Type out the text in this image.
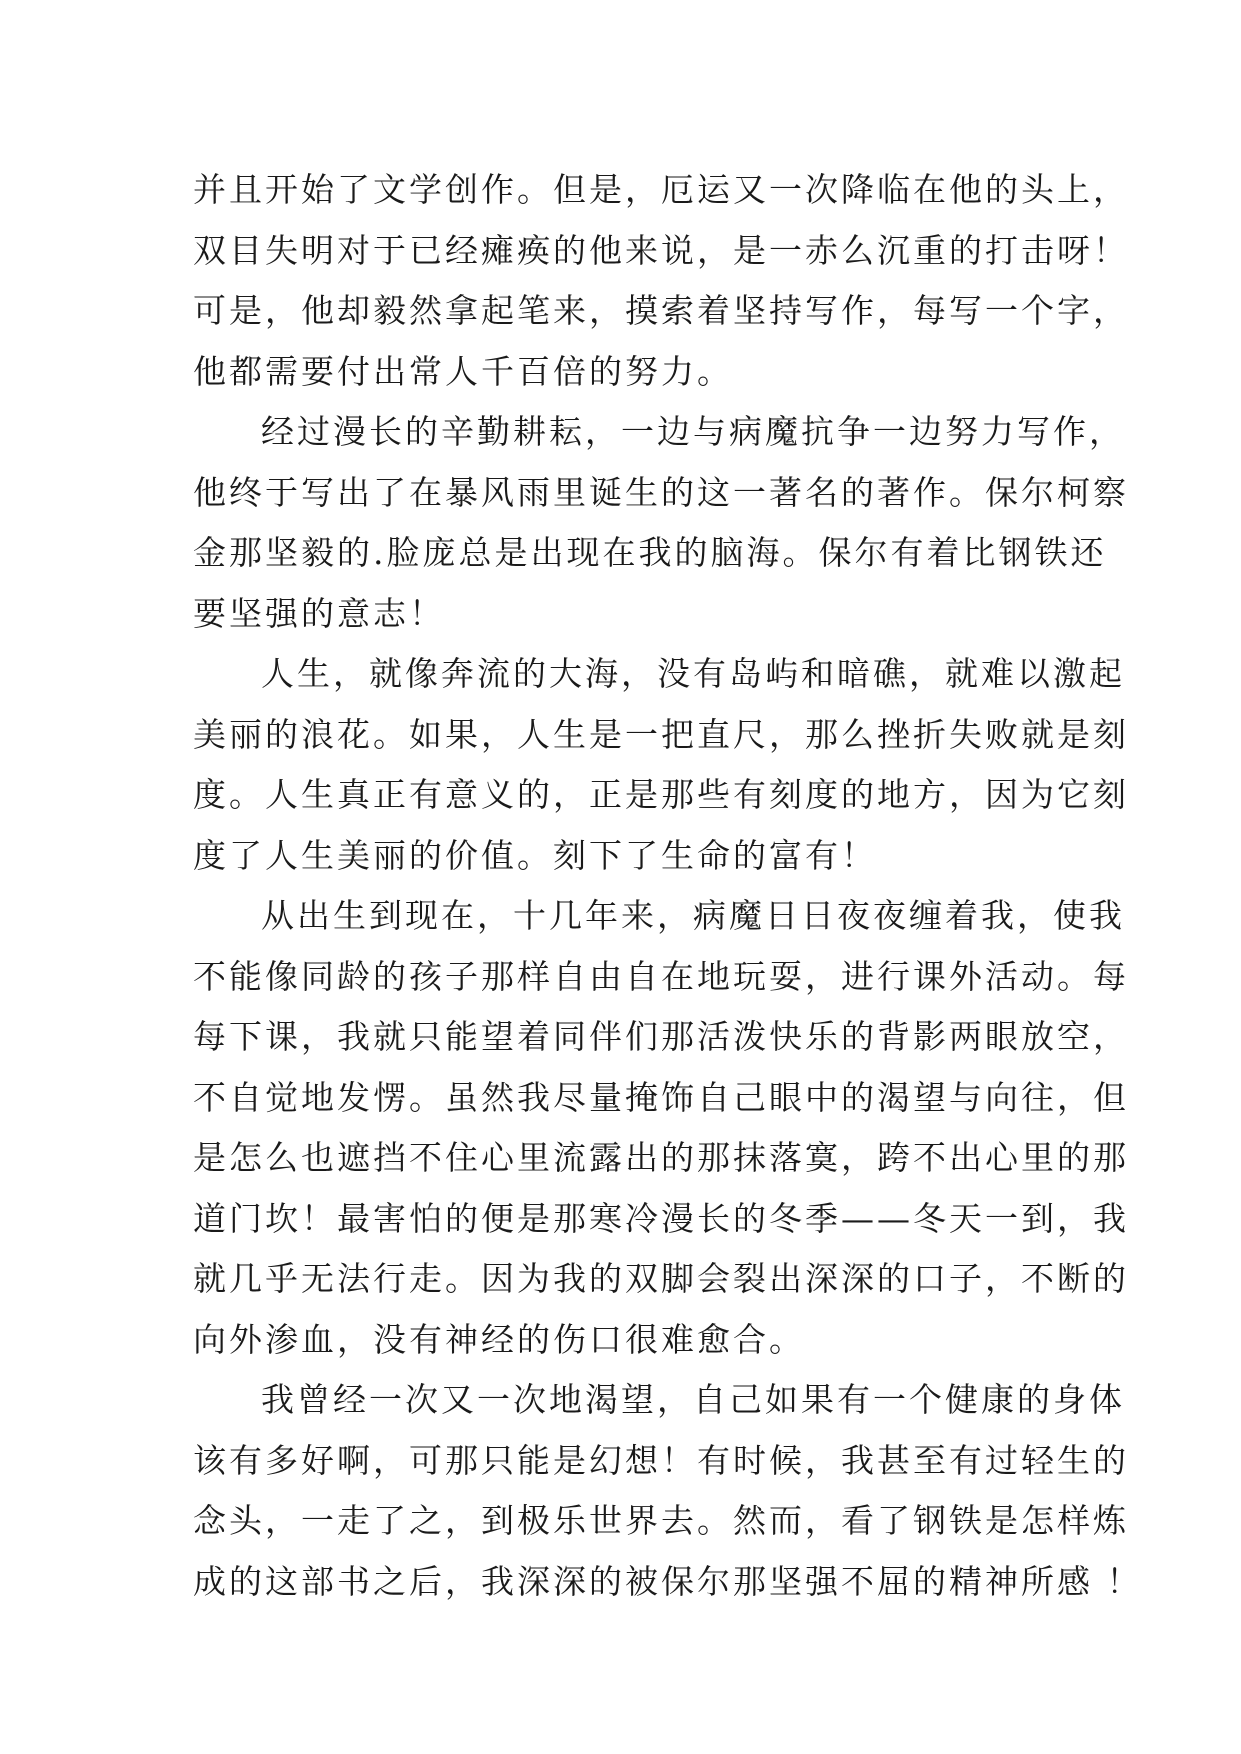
并且开始了文学创作。但是，厄运又一次降临在他的头上，
双目失明对于已经瘫痪的他来说，是一赤么沉重的打击呀！
可是，他却毅然拿起笔来，摸索着坚持写作，每写一个字，
他都需要付出常人千百倍的努力。
经过漫长的辛勤耕耘，一边与病魔抗争一边努力写作，
他终于写出了在暴风雨里诞生的这一著名的著作。保尔柯察
金那坚毅的.脸庞总是出现在我的脑海。保尔有着比钢铁还
要坚强的意志！
人生，就像奔流的大海，没有岛屿和暗礁，就难以激起
美丽的浪花。如果，人生是一把直尺，那么挫折失败就是刻
度。人生真正有意义的，正是那些有刻度的地方，因为它刻
度了人生美丽的价值。刻下了生命的富有！
从出生到现在，十几年来，病魔日日夜夜缠着我，使我
不能像同龄的孩子那样自由自在地玩耍，进行课外活动。每
每下课，我就只能望着同伴们那活泼快乐的背影两眼放空，
不自觉地发愣。虽然我尽量掩饰自己眼中的渴望与向往，但
是怎么也遮挡不住心里流露出的那抹落寞，跨不出心里的那
道门坎！最害怕的便是那寒冷漫长的冬季——冬天一到，我
就几乎无法行走。因为我的双脚会裂出深深的口子，不断的
向外渗血，没有神经的伤口很难愈合。
我曾经一次又一次地渴望，自己如果有一个健康的身体
该有多好啊，可那只能是幻想！有时候，我甚至有过轻生的
念头，一走了之，到极乐世界去。然而，看了钢铁是怎样炼
成的这部书之后，我深深的被保尔那坚强不屈的精神所感 ！
